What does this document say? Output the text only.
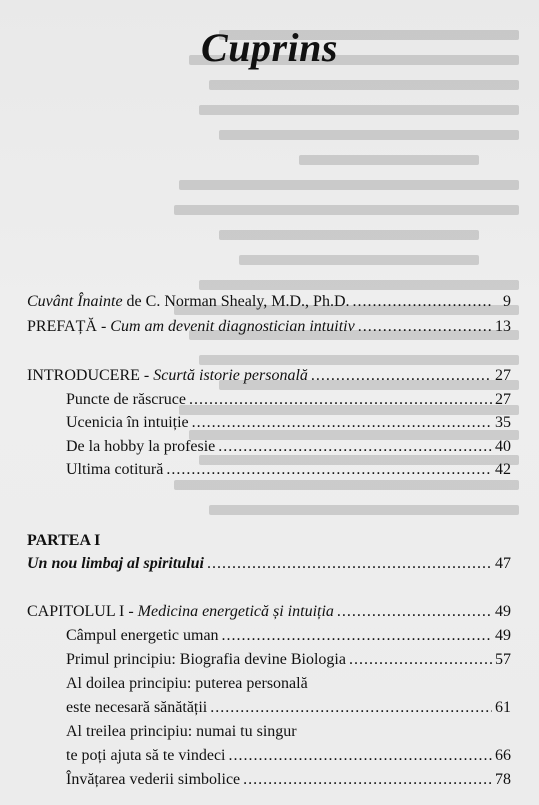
Cuprins
Cuvânt Înainte de C. Norman Shealy, M.D., Ph.D. .....	9
PREFAȚĂ - Cum am devenit diagnostician intuitiv .....	13
INTRODUCERE - Scurtă istorie personală .....	27
Puncte de răscruce .....	27
Ucenicia în intuiție .....	35
De la hobby la profesie .....	40
Ultima cotitură .....	42
PARTEA I
Un nou limbaj al spiritului .....	47
CAPITOLUL I - Medicina energetică și intuiția .....	49
Câmpul energetic uman .....	49
Primul principiu: Biografia devine Biologia .....	57
Al doilea principiu: puterea personală
este necesară sănătății .....	61
Al treilea principiu: numai tu singur
te poți ajuta să te vindeci .....	66
Învățarea vederii simbolice .....	78
